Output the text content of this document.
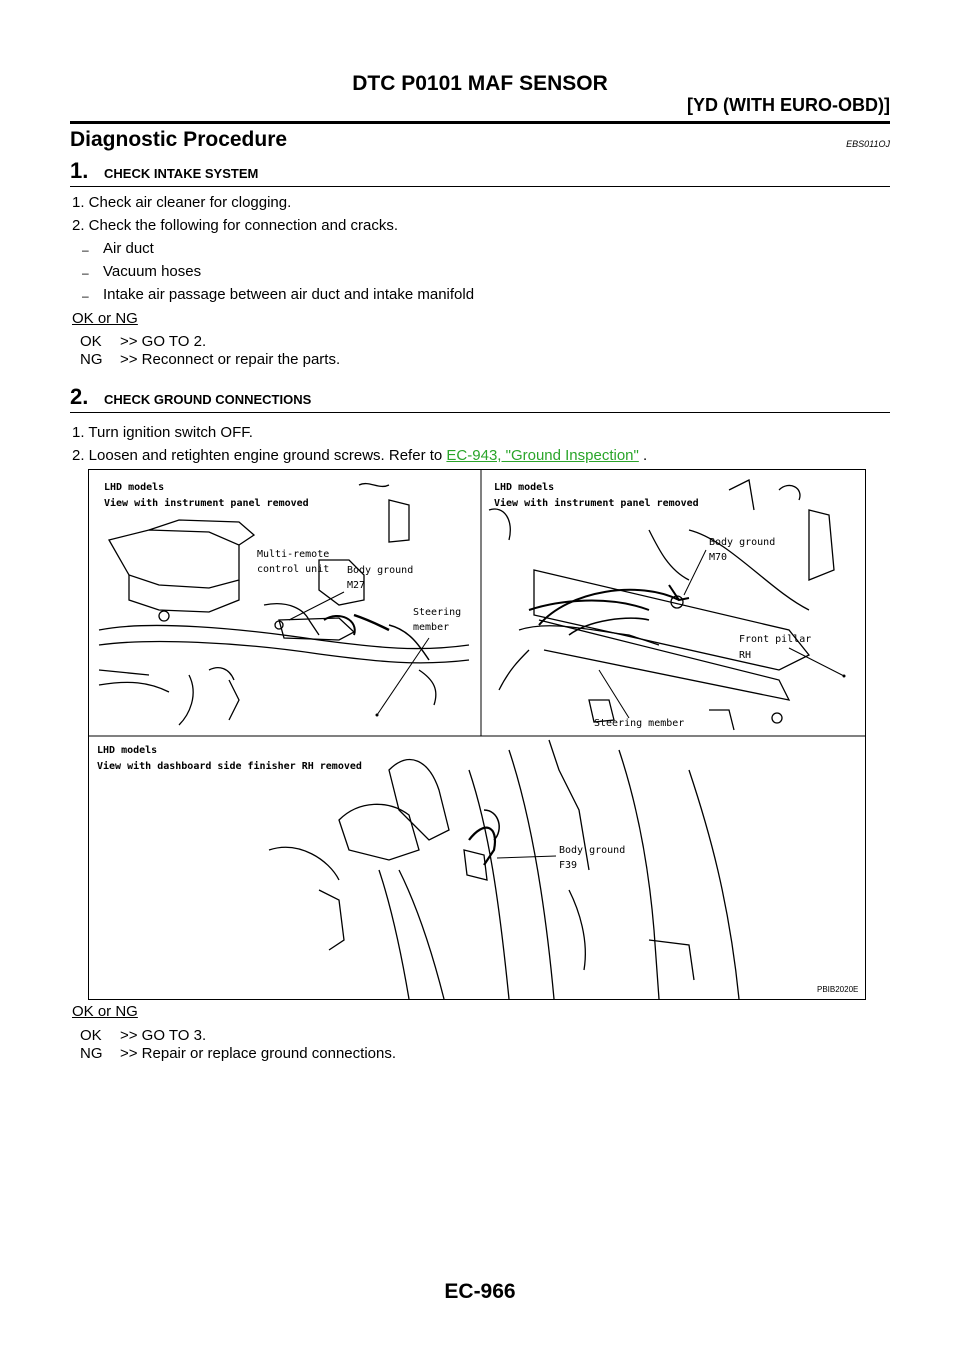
DTC P0101 MAF SENSOR
[YD (WITH EURO-OBD)]
Diagnostic Procedure	EBS011OJ
1. CHECK INTAKE SYSTEM
1. Check air cleaner for clogging.
2. Check the following for connection and cracks.
– Air duct
– Vacuum hoses
– Intake air passage between air duct and intake manifold
OK or NG
OK >> GO TO 2.
NG >> Reconnect or repair the parts.
2. CHECK GROUND CONNECTIONS
1. Turn ignition switch OFF.
2. Loosen and retighten engine ground screws. Refer to EC-943, "Ground Inspection" .
LHD models
View with instrument panel removed
Multi-remote
control unit Body ground
M27
Steering
member
LHD models
View with instrument panel removed
Body ground
M70
Front pillar
RH
Steering member
LHD models
View with dashboard side finisher RH removed
Body ground
F39
PBIB2020E
OK or NG
OK >> GO TO 3.
NG >> Repair or replace ground connections.
EC-966
